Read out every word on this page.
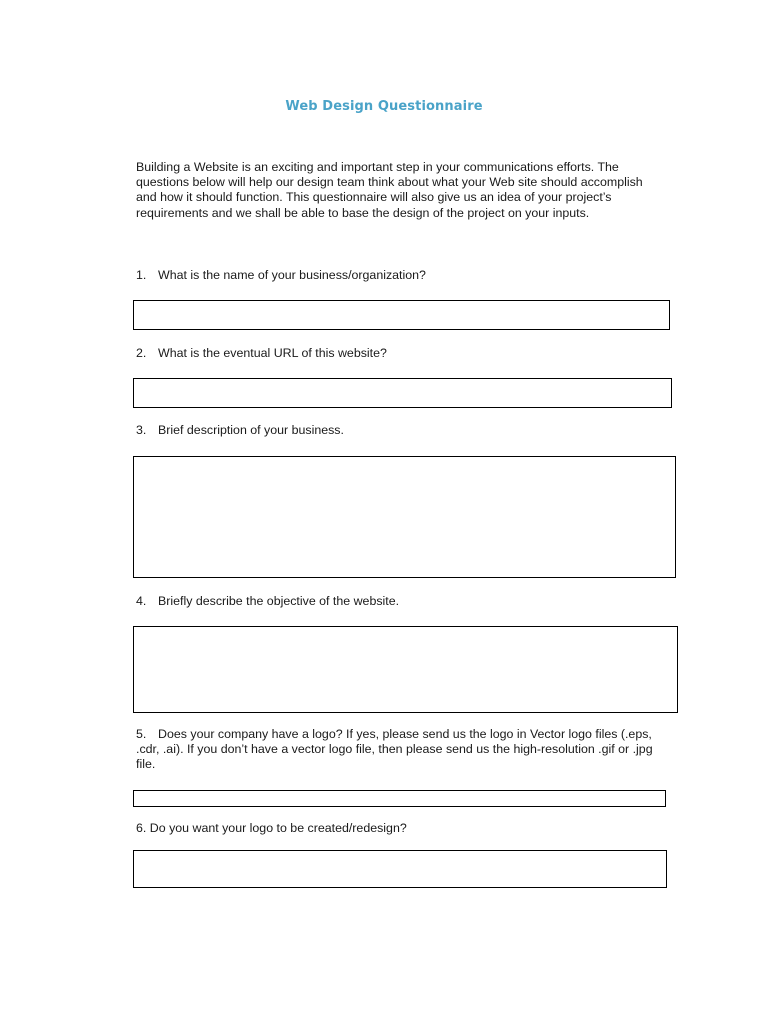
Web Design Questionnaire

Building a Website is an exciting and important step in your communications efforts. The questions below will help our design team think about what your Web site should accomplish and how it should function. This questionnaire will also give us an idea of your project’s requirements and we shall be able to base the design of the project on your inputs.

1. What is the name of your business/organization?

2. What is the eventual URL of this website?

3. Brief description of your business.

4. Briefly describe the objective of the website.

5. Does your company have a logo? If yes, please send us the logo in Vector logo files (.eps, .cdr, .ai). If you don’t have a vector logo file, then please send us the high-resolution .gif or .jpg file.

6. Do you want your logo to be created/redesign?
